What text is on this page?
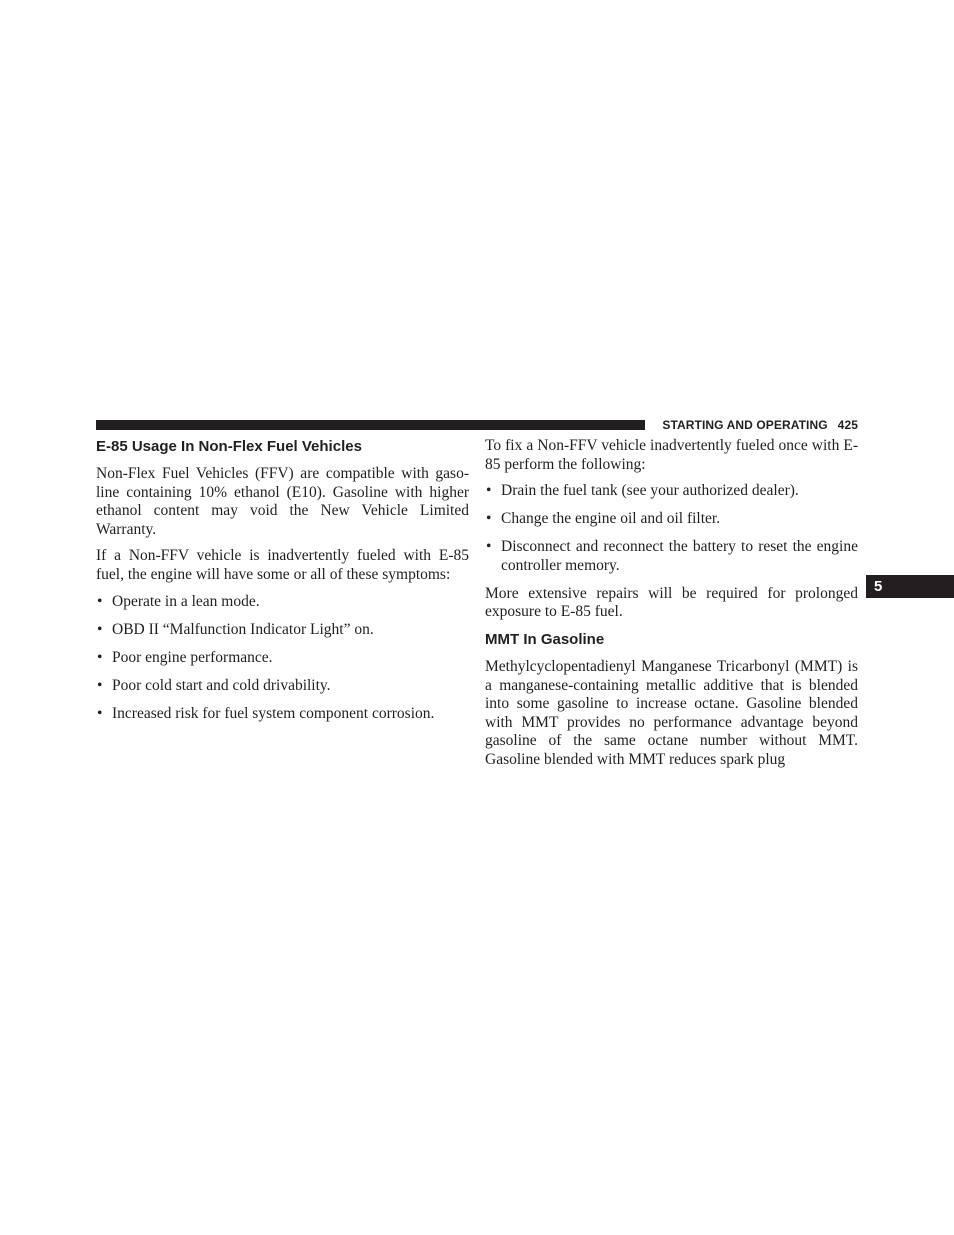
STARTING AND OPERATING 425
5
E-85 Usage In Non-Flex Fuel Vehicles

Non-Flex Fuel Vehicles (FFV) are compatible with gaso-line containing 10% ethanol (E10). Gasoline with higher ethanol content may void the New Vehicle Limited Warranty.

If a Non-FFV vehicle is inadvertently fueled with E-85 fuel, the engine will have some or all of these symptoms:

• Operate in a lean mode.
• OBD II “Malfunction Indicator Light” on.
• Poor engine performance.
• Poor cold start and cold drivability.
• Increased risk for fuel system component corrosion.

To fix a Non-FFV vehicle inadvertently fueled once with E-85 perform the following:

• Drain the fuel tank (see your authorized dealer).
• Change the engine oil and oil filter.
• Disconnect and reconnect the battery to reset the engine controller memory.

More extensive repairs will be required for prolonged exposure to E-85 fuel.

MMT In Gasoline

Methylcyclopentadienyl Manganese Tricarbonyl (MMT) is a manganese-containing metallic additive that is blended into some gasoline to increase octane. Gasoline blended with MMT provides no performance advantage beyond gasoline of the same octane number without MMT. Gasoline blended with MMT reduces spark plug
